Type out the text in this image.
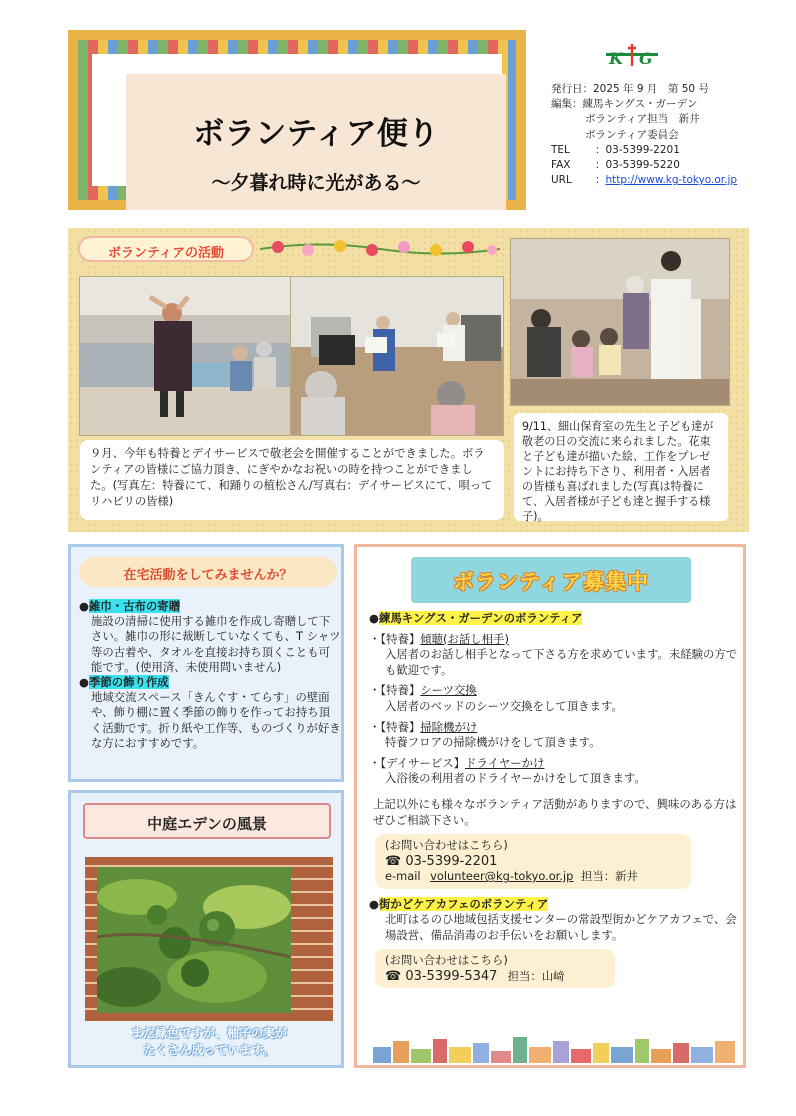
ボランティア便り
～夕暮れ時に光がある～
K G
発行日：2025 年 9 月　第 50 号
編集： 練馬キングス・ガーデン
ボランティア担当　新井
ボランティア委員会
TEL	：03-5399-2201
FAX	：03-5399-5220
URL	： http://www.kg-tokyo.or.jp
ボランティアの活動
９月、今年も特養とデイサービスで敬老会を開催することができました。ボランティアの皆様にご協力頂き、にぎやかなお祝いの時を持つことができました。(写真左：特養にて、和踊りの植松さん/写真右：デイサービスにて、唄ってリハビリの皆様)
9/11、細山保育室の先生と子ども達が敬老の日の交流に来られました。花束と子ども達が描いた絵、工作をプレゼントにお持ち下さり、利用者・入居者の皆様も喜ばれました(写真は特養にて、入居者様が子ども達と握手する様子)。
在宅活動をしてみませんか？
●雑巾・古布の寄贈
施設の清掃に使用する雑巾を作成し寄贈して下さい。雑巾の形に裁断していなくても、T シャツ等の古着や、タオルを直接お持ち頂くことも可能です。(使用済、未使用問いません)
●季節の飾り作成
地域交流スペース「きんぐす・てらす」の壁面や、飾り棚に置く季節の飾りを作ってお持ち頂く活動です。折り紙や工作等、ものづくりが好きな方におすすめです。
中庭エデンの風景
まだ緑色ですが、柚子の実が
たくさん成っています。
ボランティア募集中
●練馬キングス・ガーデンのボランティア
・【特養】傾聴(お話し相手)
入居者のお話し相手となって下さる方を求めています。未経験の方でも歓迎です。
・【特養】シーツ交換
入居者のベッドのシーツ交換をして頂きます。
・【特養】掃除機がけ
特養フロアの掃除機がけをして頂きます。
・【デイサービス】ドライヤーかけ
入浴後の利用者のドライヤーかけをして頂きます。
上記以外にも様々なボランティア活動がありますので、興味のある方はぜひご相談下さい。
(お問い合わせはこちら)
☎ 03-5399-2201
e-mail volunteer@kg-tokyo.or.jp 担当：新井
●街かどケアカフェのボランティア
北町はるのひ地域包括支援センターの常設型街かどケアカフェで、会場設営、備品消毒のお手伝いをお願いします。
(お問い合わせはこちら)
☎ 03-5399-5347 担当：山﨑
